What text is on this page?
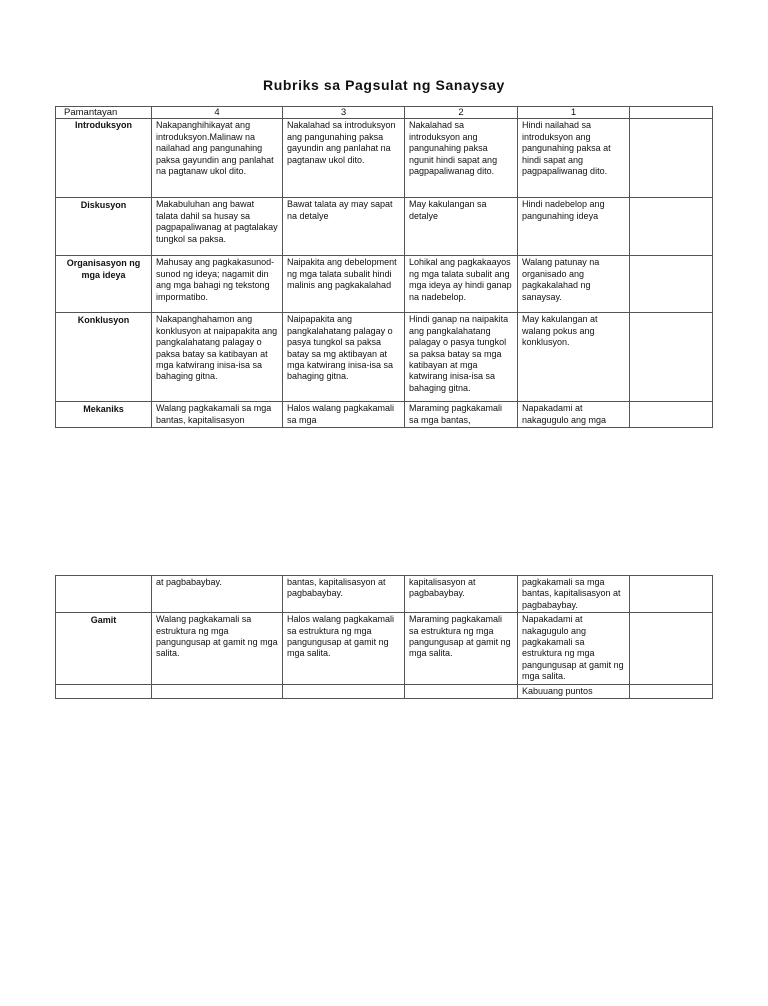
Rubriks sa Pagsulat ng Sanaysay
Pamantayan	4	3	2	1	
Introduksyon	Nakapanghihikayat ang introduksyon.Malinaw na nailahad ang pangunahing paksa gayundin ang panlahat na pagtanaw ukol dito.	Nakalahad sa introduksyon ang pangunahing paksa gayundin ang panlahat na pagtanaw ukol dito.	Nakalahad sa introduksyon ang pangunahing paksa ngunit hindi sapat ang pagpapaliwanag dito.	Hindi nailahad sa introduksyon ang pangunahing paksa at hindi sapat ang pagpapaliwanag dito.	
Diskusyon	Makabuluhan ang bawat talata dahil sa husay sa pagpapaliwanag at pagtalakay tungkol sa paksa.	Bawat talata ay may sapat na detalye	May kakulangan sa detalye	Hindi nadebelop ang pangunahing ideya	
Organisasyon ng mga ideya	Mahusay ang pagkakasunod-sunod ng ideya; nagamit din ang mga bahagi ng tekstong impormatibo.	Naipakita ang debelopment ng mga talata subalit hindi malinis ang pagkakalahad	Lohikal ang pagkakaayos ng mga talata subalit ang mga ideya ay hindi ganap na nadebelop.	Walang patunay na organisado ang pagkakalahad ng sanaysay.	
Konklusyon	Nakapanghahamon ang konklusyon at naipapakita ang pangkalahatang palagay o paksa batay sa katibayan at mga katwirang inisa-isa sa bahaging gitna.	Naipapakita ang pangkalahatang palagay o pasya tungkol sa paksa batay sa mg aktibayan at mga katwirang inisa-isa sa bahaging gitna.	Hindi ganap na naipakita ang pangkalahatang palagay o pasya tungkol sa paksa batay sa mga katibayan at mga katwirang inisa-isa sa bahaging gitna.	May kakulangan at walang pokus ang konklusyon.	
Mekaniks	Walang pagkakamali sa mga bantas, kapitalisasyon	Halos walang pagkakamali sa mga	Maraming pagkakamali sa mga bantas,	Napakadami at nakagugulo ang mga	
	at pagbabaybay.	bantas, kapitalisasyon at pagbabaybay.	kapitalisasyon at pagbabaybay.	pagkakamali sa mga bantas, kapitalisasyon at pagbabaybay.	
Gamit	Walang pagkakamali sa estruktura ng mga pangungusap at gamit ng mga salita.	Halos walang pagkakamali sa estruktura ng mga pangungusap at gamit ng mga salita.	Maraming pagkakamali sa estruktura ng mga pangungusap at gamit ng mga salita.	Napakadami at nakagugulo ang pagkakamali sa estruktura ng mga pangungusap at gamit ng mga salita.	
				Kabuuang puntos	
